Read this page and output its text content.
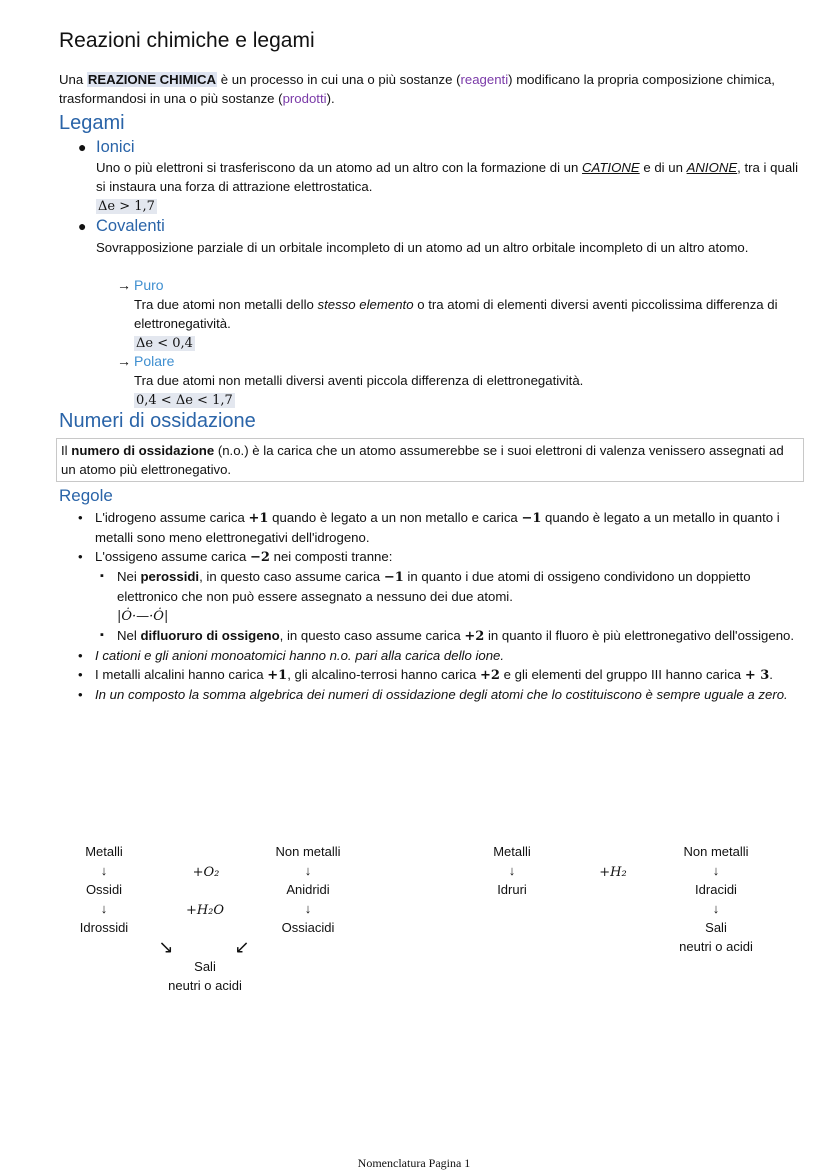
Reazioni chimiche e legami
Una REAZIONE CHIMICA è un processo in cui una o più sostanze (reagenti) modificano la propria composizione chimica, trasformandosi in una o più sostanze (prodotti).
Legami
● Ionici
Uno o più elettroni si trasferiscono da un atomo ad un altro con la formazione di un CATIONE e di un ANIONE, tra i quali si instaura una forza di attrazione elettrostatica.
Δe > 1,7
● Covalenti
Sovrapposizione parziale di un orbitale incompleto di un atomo ad un altro orbitale incompleto di un altro atomo.
→ Puro
Tra due atomi non metalli dello stesso elemento o tra atomi di elementi diversi aventi piccolissima differenza di elettronegatività.
Δe < 0,4
→ Polare
Tra due atomi non metalli diversi aventi piccola differenza di elettronegatività.
0,4 < Δe < 1,7
Numeri di ossidazione
Il numero di ossidazione (n.o.) è la carica che un atomo assumerebbe se i suoi elettroni di valenza venissero assegnati ad un atomo più elettronegativo.
Regole
• L'idrogeno assume carica +1 quando è legato a un non metallo e carica −1 quando è legato a un metallo in quanto i metalli sono meno elettronegativi dell'idrogeno.
• L'ossigeno assume carica −2 nei composti tranne:
▪ Nei perossidi, in questo caso assume carica −1 in quanto i due atomi di ossigeno condividono un doppietto elettronico che non può essere assegnato a nessuno dei due atomi.
|Ȯ·—·Ȯ|
▪ Nel difluoruro di ossigeno, in questo caso assume carica +2 in quanto il fluoro è più elettronegativo dell'ossigeno.
• I cationi e gli anioni monoatomici hanno n.o. pari alla carica dello ione.
• I metalli alcalini hanno carica +1, gli alcalino-terrosi hanno carica +2 e gli elementi del gruppo III hanno carica + 3.
• In un composto la somma algebrica dei numeri di ossidazione degli atomi che lo costituiscono è sempre uguale a zero.
Metalli
↓
Ossidi
↓
Idrossidi
+O₂
+H₂O
Non metalli
↓
Anidridi
↓
Ossiacidi
↘	↙
Sali
neutri o acidi
Metalli
↓
Idruri
+H₂
Non metalli
↓
Idracidi
↓
Sali
neutri o acidi
Nomenclatura Pagina 1
